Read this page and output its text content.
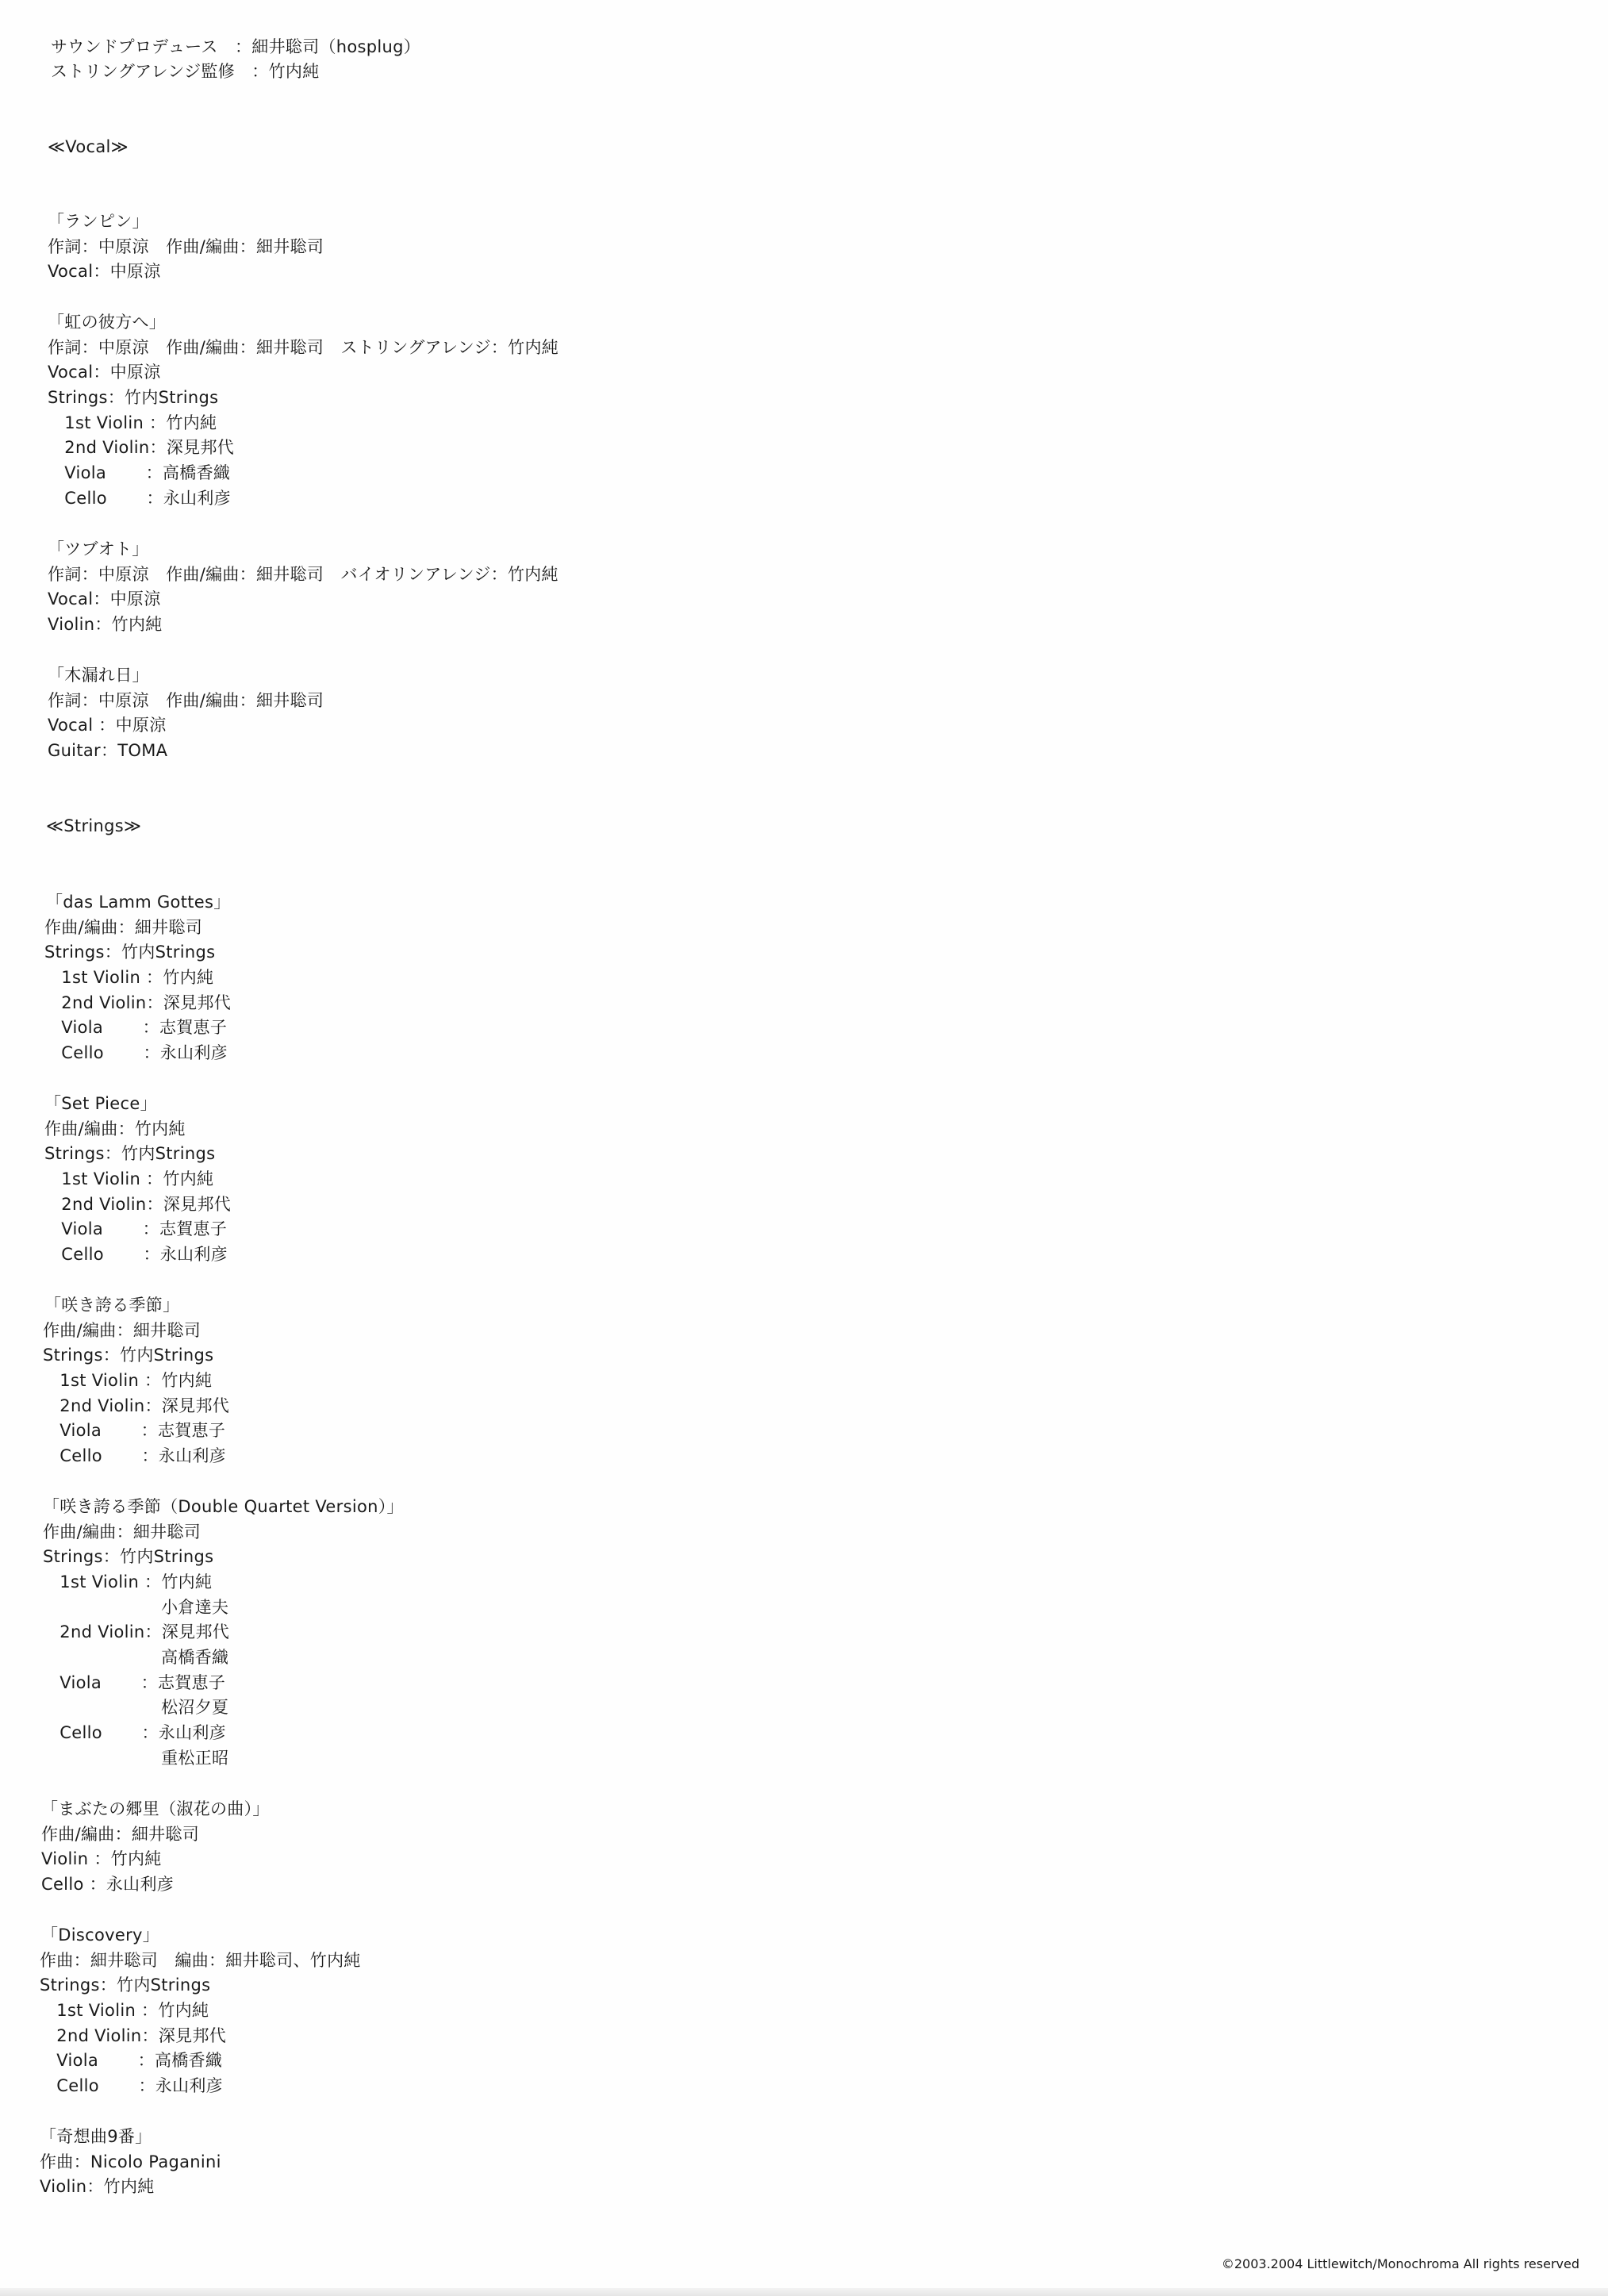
サウンドプロデュース　：細井聡司（hosplug）
ストリングアレンジ監修　：竹内純
≪Vocal≫
「ランピン」
作詞：中原涼　作曲/編曲：細井聡司
Vocal：中原涼
「虹の彼方へ」
作詞：中原涼　作曲/編曲：細井聡司　ストリングアレンジ：竹内純
Vocal：中原涼
Strings：竹内Strings
　1st Violin ：竹内純
　2nd Violin：深見邦代
　Viola 　　：高橋香織
　Cello 　　：永山利彦
「ツブオト」
作詞：中原涼　作曲/編曲：細井聡司　バイオリンアレンジ：竹内純
Vocal：中原涼
Violin：竹内純
「木漏れ日」
作詞：中原涼　作曲/編曲：細井聡司
Vocal ：中原涼
Guitar：TOMA
≪Strings≫
「das Lamm Gottes」
作曲/編曲：細井聡司
Strings：竹内Strings
　1st Violin ：竹内純
　2nd Violin：深見邦代
　Viola 　　：志賀恵子
　Cello 　　：永山利彦
「Set Piece」
作曲/編曲：竹内純
Strings：竹内Strings
　1st Violin ：竹内純
　2nd Violin：深見邦代
　Viola 　　：志賀恵子
　Cello 　　：永山利彦
「咲き誇る季節」
作曲/編曲：細井聡司
Strings：竹内Strings
　1st Violin ：竹内純
　2nd Violin：深見邦代
　Viola 　　：志賀恵子
　Cello 　　：永山利彦
「咲き誇る季節（Double Quartet Version）」
作曲/編曲：細井聡司
Strings：竹内Strings
　1st Violin ：竹内純
　　　　　　　小倉達夫
　2nd Violin：深見邦代
　　　　　　　高橋香織
　Viola 　　：志賀恵子
　　　　　　　松沼夕夏
　Cello 　　：永山利彦
　　　　　　　重松正昭
「まぶたの郷里（淑花の曲）」
作曲/編曲：細井聡司
Violin ：竹内純
Cello ：永山利彦
「Discovery」
作曲：細井聡司　編曲：細井聡司、竹内純
Strings：竹内Strings
　1st Violin ：竹内純
　2nd Violin：深見邦代
　Viola 　　：高橋香織
　Cello 　　：永山利彦
「奇想曲9番」
作曲：Nicolo Paganini
Violin：竹内純
©2003.2004 Littlewitch/Monochroma All rights reserved
